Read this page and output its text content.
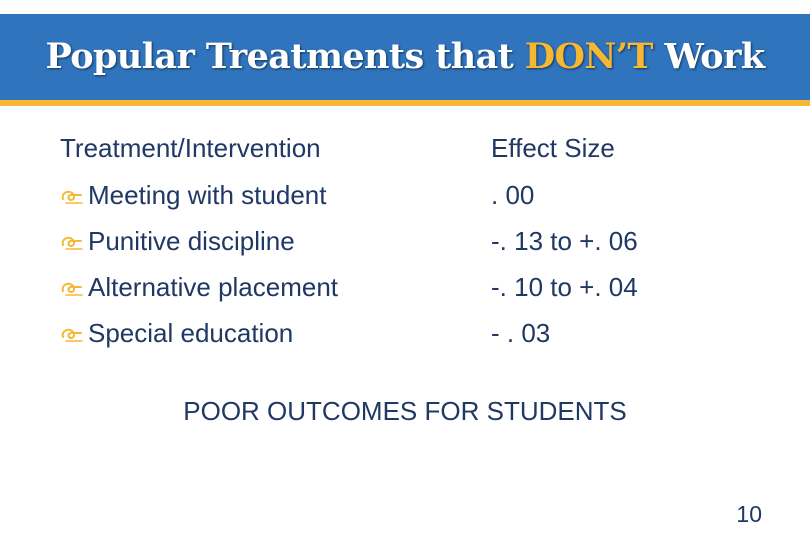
Popular Treatments that DON’T Work
Treatment/Intervention	Effect Size
Meeting with student
Punitive discipline
Alternative placement
Special education
. 00
-. 13 to +. 06
-. 10 to +. 04
- . 03
POOR OUTCOMES FOR STUDENTS
10
